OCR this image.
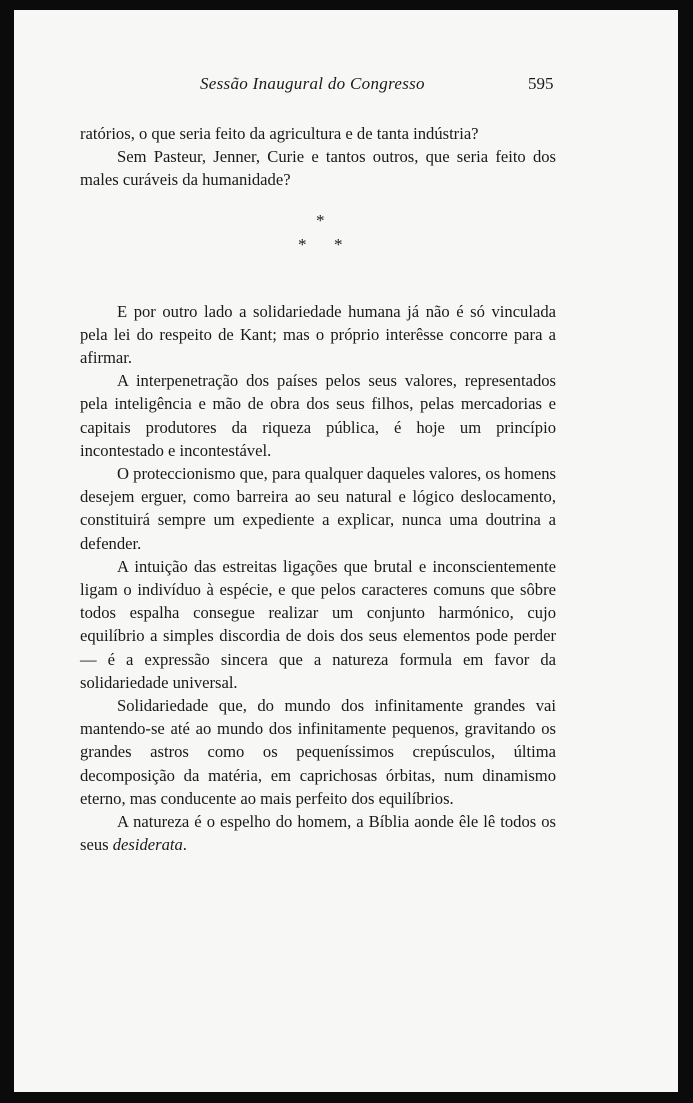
Sessão Inaugural do Congresso	595

ratórios, o que seria feito da agricultura e de tanta indústria?

Sem Pasteur, Jenner, Curie e tantos outros, que seria feito dos males curáveis da humanidade?

*
* *

E por outro lado a solidariedade humana já não é só vinculada pela lei do respeito de Kant; mas o próprio interêsse concorre para a afirmar.

A interpenetração dos países pelos seus valores, representados pela inteligência e mão de obra dos seus filhos, pelas mercadorias e capitais produtores da riqueza pública, é hoje um princípio incontestado e incontestável.

O proteccionismo que, para qualquer daqueles valores, os homens desejem erguer, como barreira ao seu natural e lógico deslocamento, constituirá sempre um expediente a explicar, nunca uma doutrina a defender.

A intuição das estreitas ligações que brutal e inconscientemente ligam o indivíduo à espécie, e que pelos caracteres comuns que sôbre todos espalha consegue realizar um conjunto harmónico, cujo equilíbrio a simples discordia de dois dos seus elementos pode perder — é a expressão sincera que a natureza formula em favor da solidariedade universal.

Solidariedade que, do mundo dos infinitamente grandes vai mantendo-se até ao mundo dos infinitamente pequenos, gravitando os grandes astros como os pequeníssimos crepúsculos, última decomposição da matéria, em caprichosas órbitas, num dinamismo eterno, mas conducente ao mais perfeito dos equilíbrios.

A natureza é o espelho do homem, a Bíblia aonde êle lê todos os seus desiderata.
